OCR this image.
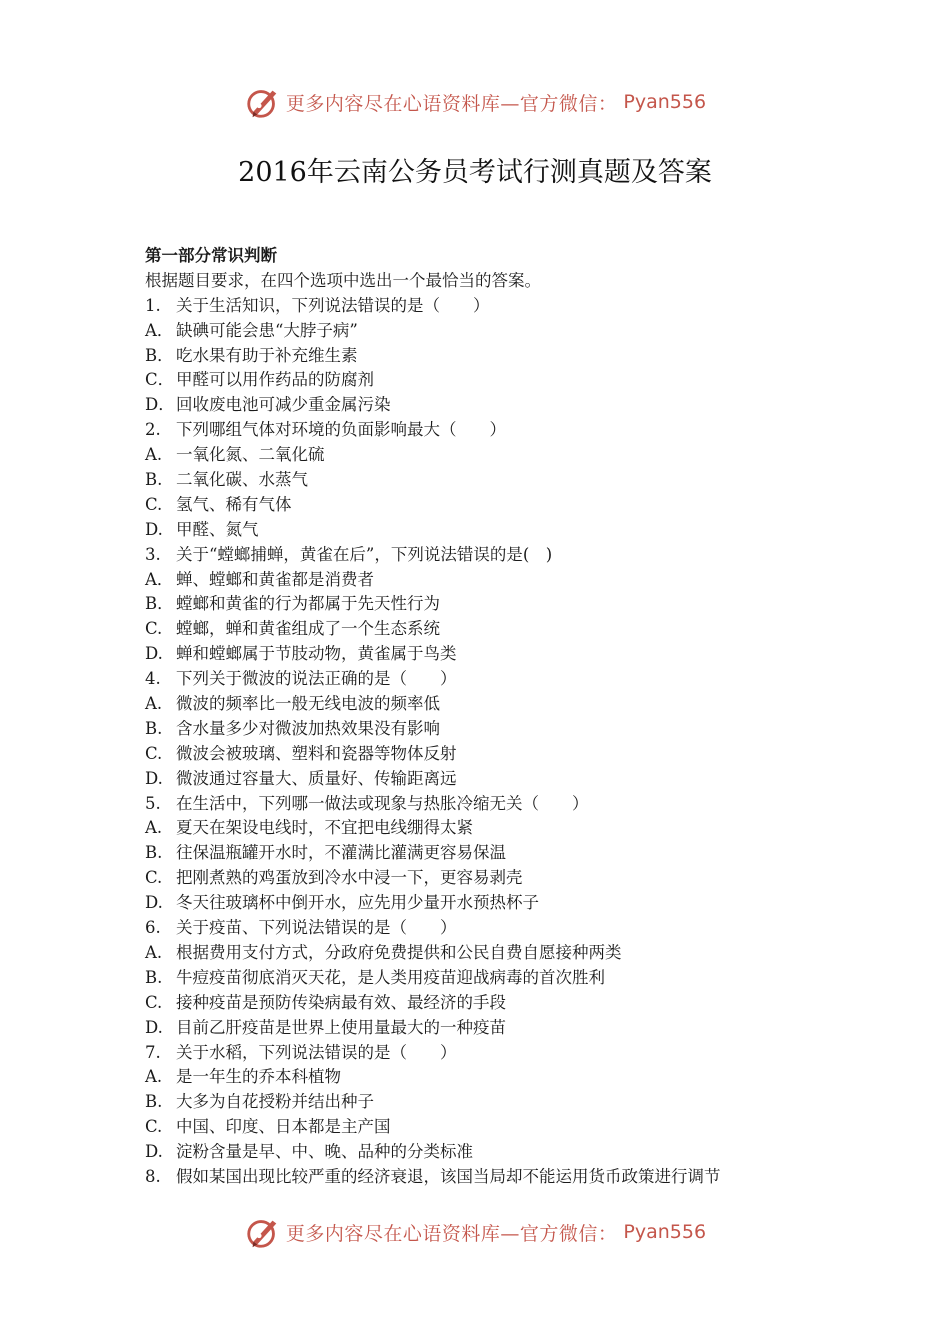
更多内容尽在心语资料库—官方微信： Pyan556
2016年云南公务员考试行测真题及答案
第一部分常识判断
根据题目要求，在四个选项中选出一个最恰当的答案。
1. 关于生活知识，下列说法错误的是（　　）
A． 缺碘可能会患“大脖子病”
B． 吃水果有助于补充维生素
C． 甲醛可以用作药品的防腐剂
D．回收废电池可减少重金属污染
2. 下列哪组气体对环境的负面影响最大（　　）
A. 一氧化氮、二氧化硫
B. 二氧化碳、水蒸气
C. 氢气、稀有气体
D. 甲醛、氮气
3. 关于“螳螂捕蝉，黄雀在后”，下列说法错误的是(　)
A． 蝉、螳螂和黄雀都是消费者
B． 螳螂和黄雀的行为都属于先天性行为
C. 螳螂，蝉和黄雀组成了一个生态系统
D. 蝉和螳螂属于节肢动物，黄雀属于鸟类
4. 下列关于微波的说法正确的是（　　）
A. 微波的频率比一般无线电波的频率低
B. 含水量多少对微波加热效果没有影响
C. 微波会被玻璃、塑料和瓷器等物体反射
D. 微波通过容量大、质量好、传输距离远
5. 在生活中，下列哪一做法或现象与热胀冷缩无关（　　）
A. 夏天在架设电线时，不宜把电线绷得太紧
B. 往保温瓶罐开水时，不灌满比灌满更容易保温
C. 把刚煮熟的鸡蛋放到冷水中浸一下，更容易剥壳
D. 冬天往玻璃杯中倒开水，应先用少量开水预热杯子
6. 关于疫苗、下列说法错误的是（　　）
A. 根据费用支付方式，分政府免费提供和公民自费自愿接种两类
B. 牛痘疫苗彻底消灭天花，是人类用疫苗迎战病毒的首次胜利
C. 接种疫苗是预防传染病最有效、最经济的手段
D. 目前乙肝疫苗是世界上使用量最大的一种疫苗
7. 关于水稻，下列说法错误的是（　　）
A. 是一年生的乔本科植物
B. 大多为自花授粉并结出种子
C. 中国、印度、日本都是主产国
D. 淀粉含量是早、中、晚、品种的分类标准
8. 假如某国出现比较严重的经济衰退，该国当局却不能运用货币政策进行调节
更多内容尽在心语资料库—官方微信： Pyan556
